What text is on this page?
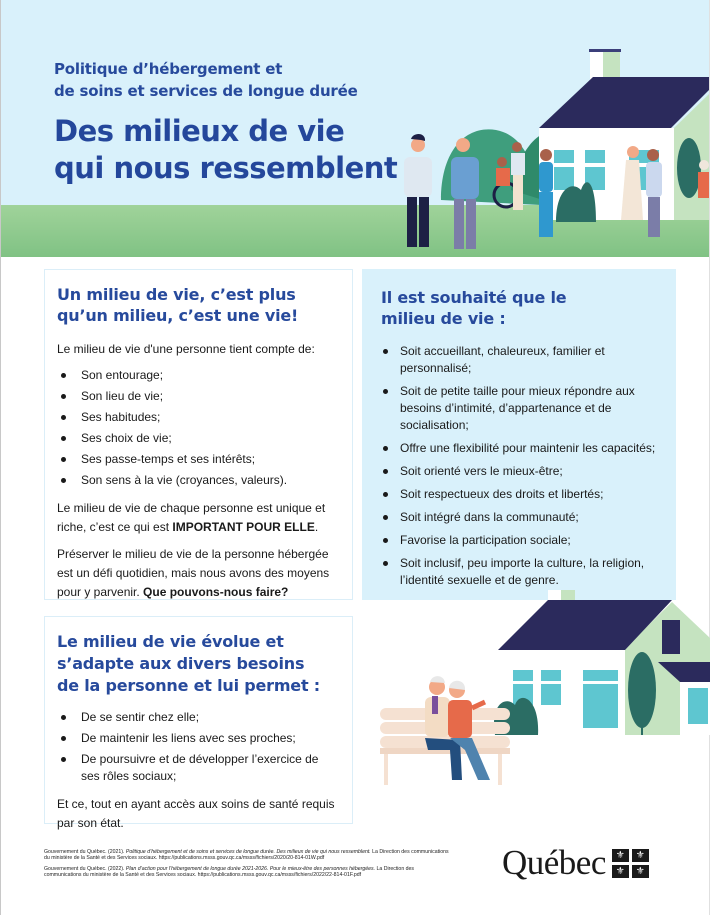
Politique d’hébergement et
de soins et services de longue durée
Des milieux de vie
qui nous ressemblent
Un milieu de vie, c’est plus
qu’un milieu, c’est une vie!

Le milieu de vie d'une personne tient compte de:

Son entourage;
Son lieu de vie;
Ses habitudes;
Ses choix de vie;
Ses passe-temps et ses intérêts;
Son sens à la vie (croyances, valeurs).

Le milieu de vie de chaque personne est unique et riche, c’est ce qui est IMPORTANT POUR ELLE.

Préserver le milieu de vie de la personne hébergée est un défi quotidien, mais nous avons des moyens pour y parvenir. Que pouvons-nous faire?

Il est souhaité que le
milieu de vie :
Soit accueillant, chaleureux, familier et personnalisé;
Soit de petite taille pour mieux répondre aux besoins d’intimité, d’appartenance et de socialisation;
Offre une flexibilité pour maintenir les capacités;
Soit orienté vers le mieux-être;
Soit respectueux des droits et libertés;
Soit intégré dans la communauté;
Favorise la participation sociale;
Soit inclusif, peu importe la culture, la religion, l’identité sexuelle et de genre.
Le milieu de vie évolue et
s’adapte aux divers besoins
de la personne et lui permet :
De se sentir chez elle;
De maintenir les liens avec ses proches;
De poursuivre et de développer l’exercice de ses rôles sociaux;

Et ce, tout en ayant accès aux soins de santé requis par son état.

Gouvernement du Québec. (2021). Politique d’hébergement et de soins et services de longue durée. Des milieux de vie qui nous ressemblent. La Direction des communications
du ministère de la Santé et des Services sociaux. https://publications.msss.gouv.qc.ca/msss/fichiers/2020/20-814-01W.pdf

Gouvernement du Québec. (2022). Plan d’action pour l’hébergement de longue durée 2021-2026. Pour le mieux-être des personnes hébergées. La Direction des
communications du ministère de la Santé et des Services sociaux. https://publications.msss.gouv.qc.ca/msss/fichiers/2022/22-814-01F.pdf	Québec	⚜	⚜
⚜	⚜
